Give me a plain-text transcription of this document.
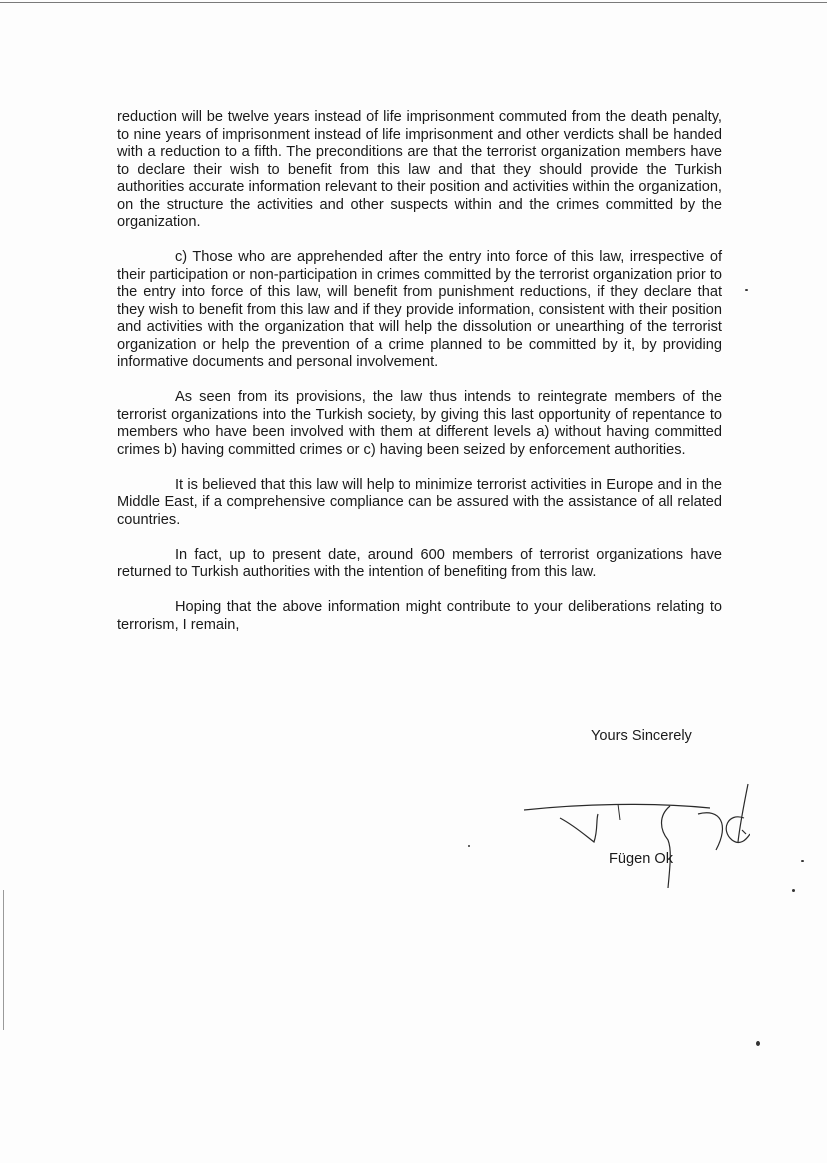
reduction will be twelve years instead of life imprisonment commuted from the death penalty, to nine years of imprisonment instead of life imprisonment and other verdicts shall be handed with a reduction to a fifth. The preconditions are that the terrorist organization members have to declare their wish to benefit from this law and that they should provide the Turkish authorities accurate information relevant to their position and activities within the organization, on the structure the activities and other suspects within and the crimes committed by the organization.

c) Those who are apprehended after the entry into force of this law, irrespective of their participation or non-participation in crimes committed by the terrorist organization prior to the entry into force of this law, will benefit from punishment reductions, if they declare that they wish to benefit from this law and if they provide information, consistent with their position and activities with the organization that will help the dissolution or unearthing of the terrorist organization or help the prevention of a crime planned to be committed by it, by providing informative documents and personal involvement.

As seen from its provisions, the law thus intends to reintegrate members of the terrorist organizations into the Turkish society, by giving this last opportunity of repentance to members who have been involved with them at different levels a) without having committed crimes b) having committed crimes or c) having been seized by enforcement authorities.

It is believed that this law will help to minimize terrorist activities in Europe and in the Middle East, if a comprehensive compliance can be assured with the assistance of all related countries.

In fact, up to present date, around 600 members of terrorist organizations have returned to Turkish authorities with the intention of benefiting from this law.

Hoping that the above information might contribute to your deliberations relating to terrorism, I remain,

Yours Sincerely
Fügen Ok
